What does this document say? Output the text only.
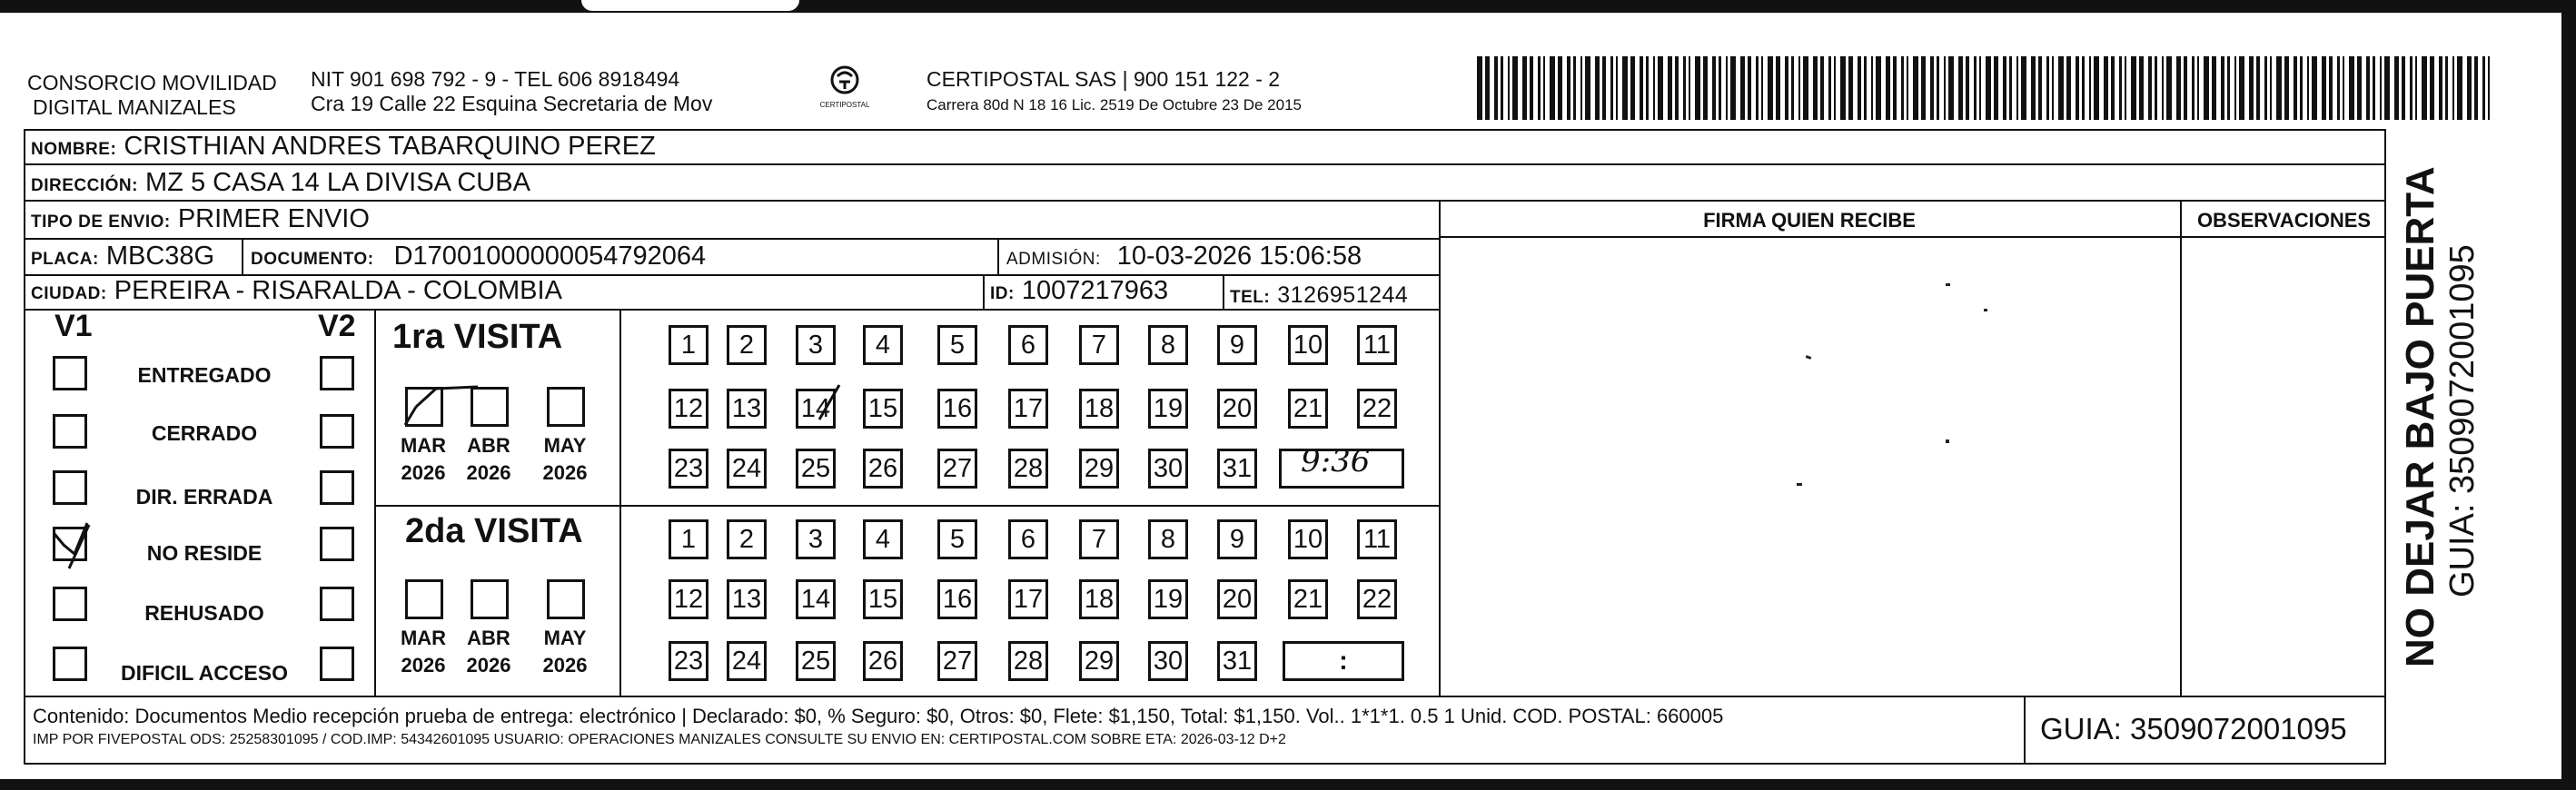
CONSORCIO MOVILIDAD
DIGITAL MANIZALES
NIT 901 698 792 - 9 - TEL 606 8918494
Cra 19 Calle 22 Esquina Secretaria de Mov	CERTIPOSTAL
CERTIPOSTAL SAS | 900 151 122 - 2
Carrera 80d N 18 16 Lic. 2519 De Octubre 23 De 2015
NOMBRE: CRISTHIAN ANDRES TABARQUINO PEREZ
DIRECCIÓN: MZ 5 CASA 14 LA DIVISA CUBA
TIPO DE ENVIO: PRIMER ENVIO
PLACA: MBC38G DOCUMENTO: D17001000000054792064	ADMISIÓN: 10-03-2026 15:06:58
CIUDAD: PEREIRA - RISARALDA - COLOMBIA	ID: 1007217963	TEL: 3126951244
FIRMA QUIEN RECIBE	OBSERVACIONES
V1	V2
ENTREGADO
CERRADO
DIR. ERRADA
NO RESIDE
REHUSADO
DIFICIL ACCESO
1ra VISITA
MAR
2026
ABR
2026
MAY
2026
1	2	3	4	5	6	7	8	9	10 11
12 13 14 15 16 17 18 19 20 21 22
23 24 25 26 27 28 29 30 31 9:36
2da VISITA
MAR
2026
ABR
2026
MAY
2026
1	2	3	4	5	6	7	8	9	10 11
12 13 14 15 16 17 18 19 20 21 22
23 24 25 26 27 28 29 30 31	:	NO DEJAR BAJO PUERTA GUIA: 3509072001095
Contenido: Documentos Medio recepción prueba de entrega: electrónico | Declarado: $0, % Seguro: $0, Otros: $0, Flete: $1,150, Total: $1,150. Vol.. 1*1*1. 0.5 1 Unid. COD. POSTAL: 660005
IMP POR FIVEPOSTAL ODS: 25258301095 / COD.IMP: 54342601095 USUARIO: OPERACIONES MANIZALES CONSULTE SU ENVIO EN: CERTIPOSTAL.COM SOBRE ETA: 2026-03-12 D+2	GUIA: 3509072001095
